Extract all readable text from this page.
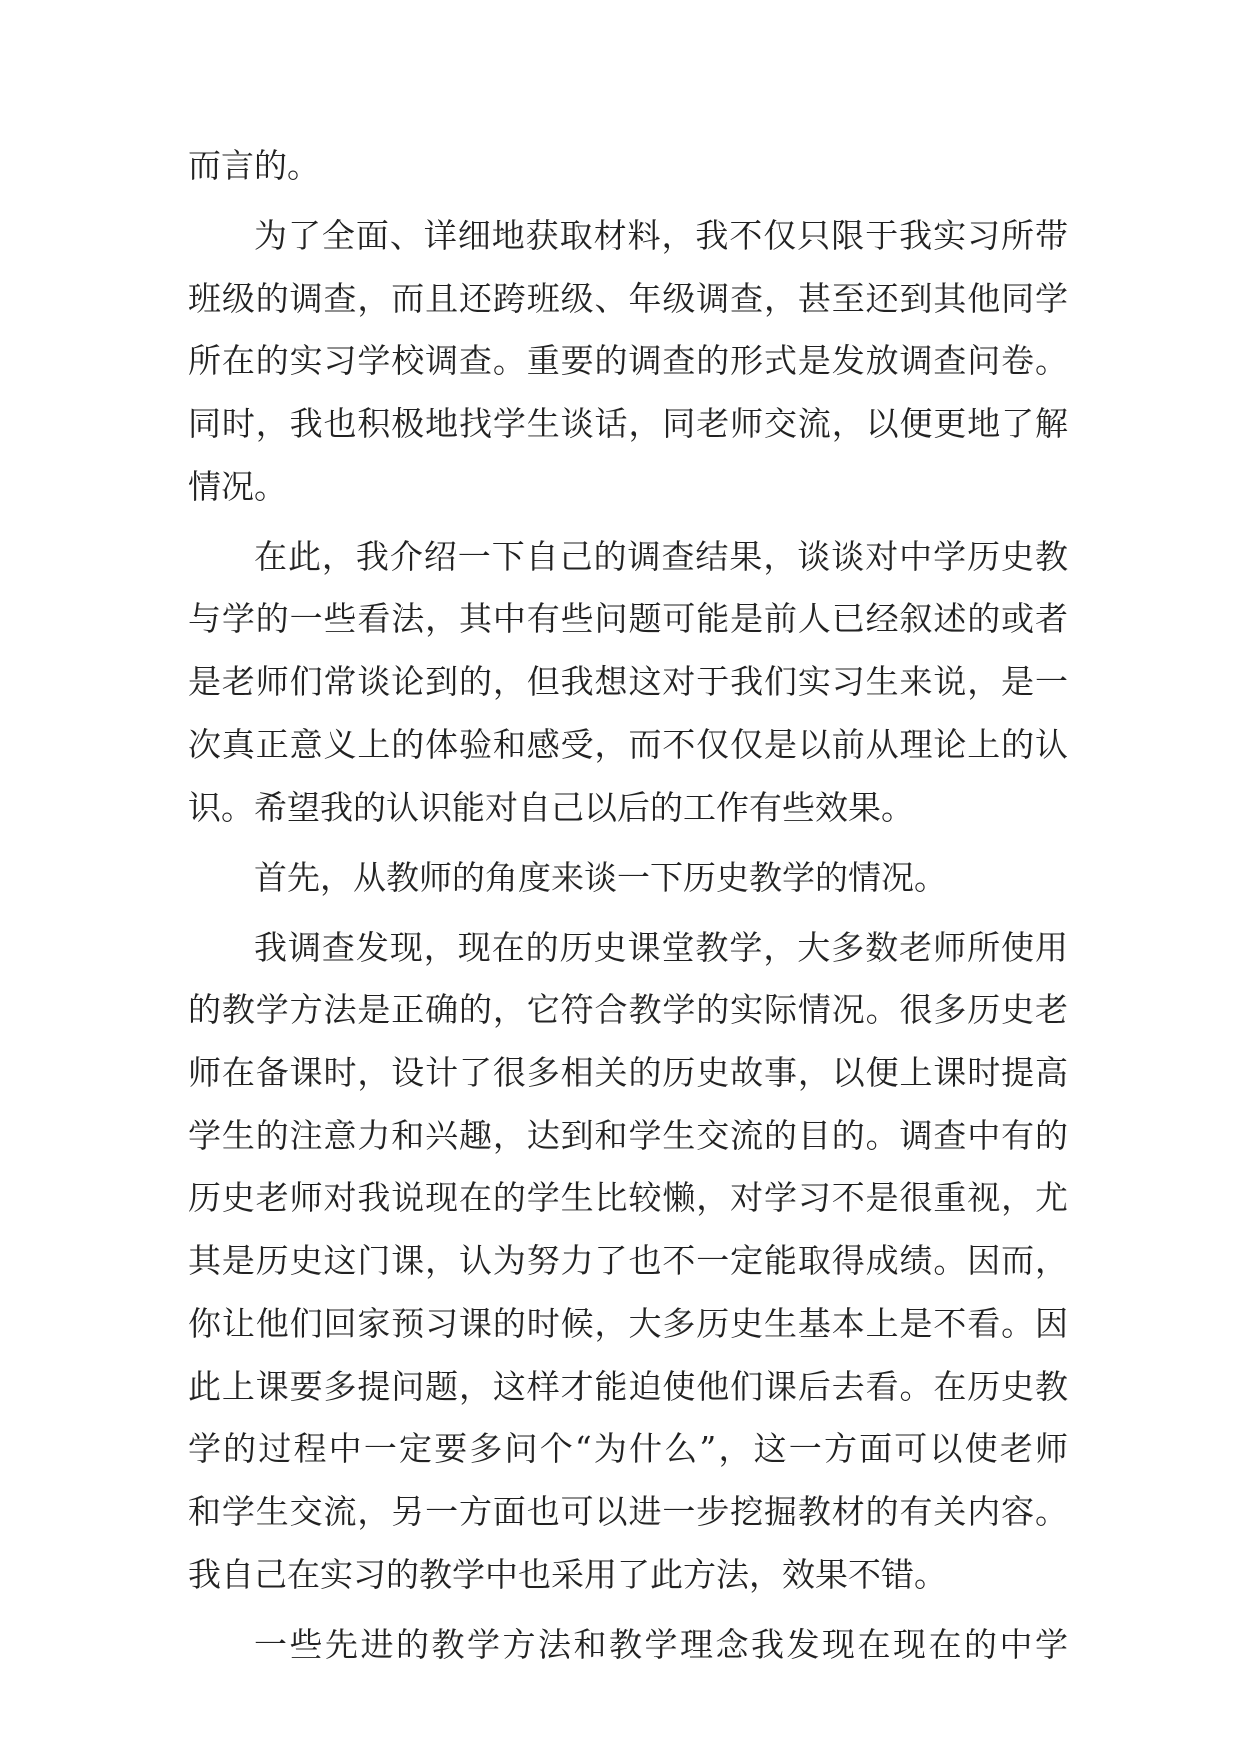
而言的。
为了全面、详细地获取材料，我不仅只限于我实习所带
班级的调查，而且还跨班级、年级调查，甚至还到其他同学
所在的实习学校调查。重要的调查的形式是发放调查问卷。
同时，我也积极地找学生谈话，同老师交流，以便更地了解
情况。
在此，我介绍一下自己的调查结果，谈谈对中学历史教
与学的一些看法，其中有些问题可能是前人已经叙述的或者
是老师们常谈论到的，但我想这对于我们实习生来说，是一
次真正意义上的体验和感受，而不仅仅是以前从理论上的认
识。希望我的认识能对自己以后的工作有些效果。
首先，从教师的角度来谈一下历史教学的情况。
我调查发现，现在的历史课堂教学，大多数老师所使用
的教学方法是正确的，它符合教学的实际情况。很多历史老
师在备课时，设计了很多相关的历史故事，以便上课时提高
学生的注意力和兴趣，达到和学生交流的目的。调查中有的
历史老师对我说现在的学生比较懒，对学习不是很重视，尤
其是历史这门课，认为努力了也不一定能取得成绩。因而，
你让他们回家预习课的时候，大多历史生基本上是不看。因
此上课要多提问题，这样才能迫使他们课后去看。在历史教
学的过程中一定要多问个“为什么”，这一方面可以使老师
和学生交流，另一方面也可以进一步挖掘教材的有关内容。
我自己在实习的教学中也采用了此方法，效果不错。
一些先进的教学方法和教学理念我发现在现在的中学
